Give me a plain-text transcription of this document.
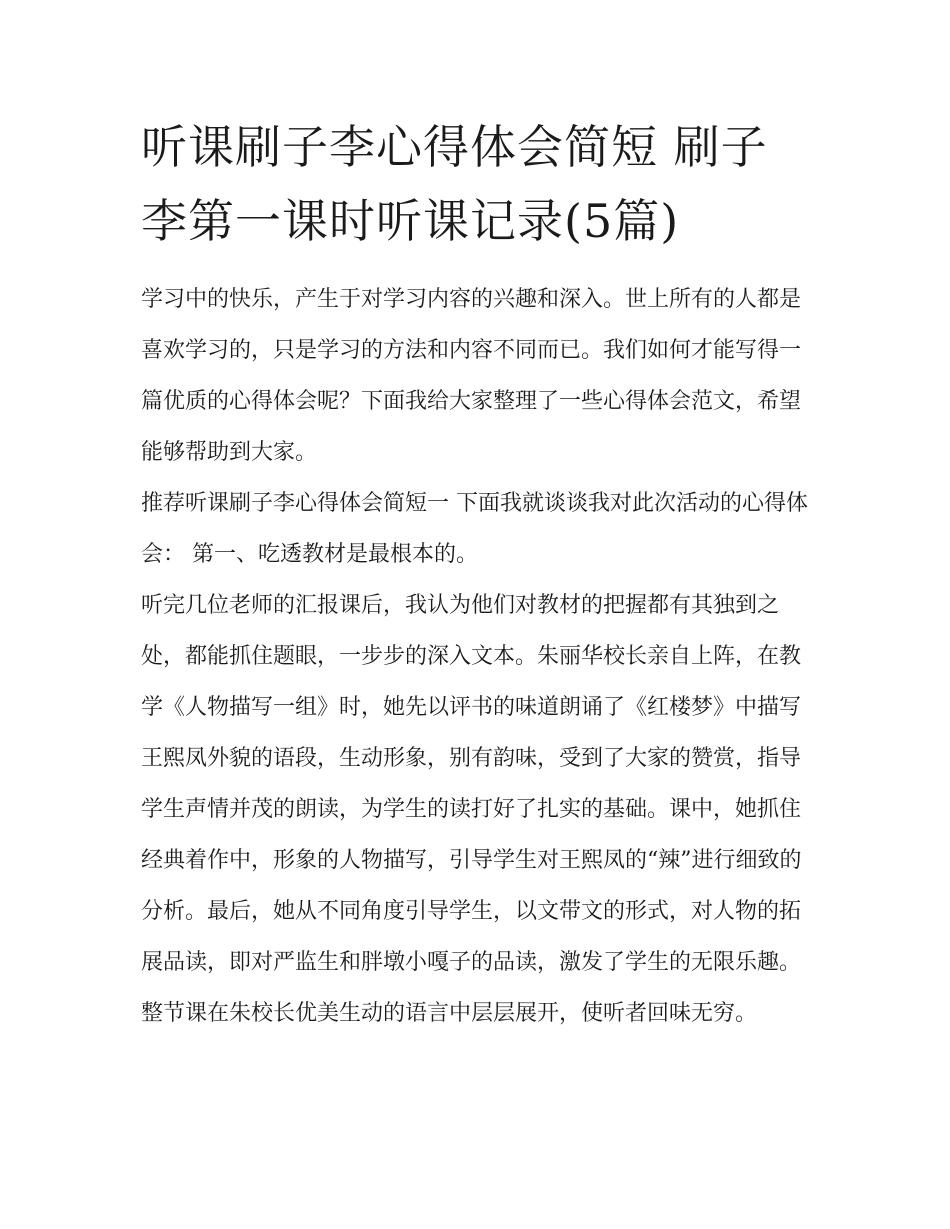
听课刷子李心得体会简短 刷子李第一课时听课记录(5篇)

学习中的快乐，产生于对学习内容的兴趣和深入。世上所有的人都是喜欢学习的，只是学习的方法和内容不同而已。我们如何才能写得一篇优质的心得体会呢？下面我给大家整理了一些心得体会范文，希望能够帮助到大家。

推荐听课刷子李心得体会简短一 下面我就谈谈我对此次活动的心得体会： 第一、吃透教材是最根本的。

听完几位老师的汇报课后，我认为他们对教材的把握都有其独到之处，都能抓住题眼，一步步的深入文本。朱丽华校长亲自上阵，在教学《人物描写一组》时，她先以评书的味道朗诵了《红楼梦》中描写王熙凤外貌的语段，生动形象，别有韵味，受到了大家的赞赏，指导学生声情并茂的朗读，为学生的读打好了扎实的基础。课中，她抓住经典着作中，形象的人物描写，引导学生对王熙凤的“辣”进行细致的分析。最后，她从不同角度引导学生，以文带文的形式，对人物的拓展品读，即对严监生和胖墩小嘎子的品读，激发了学生的无限乐趣。整节课在朱校长优美生动的语言中层层展开，使听者回味无穷。
